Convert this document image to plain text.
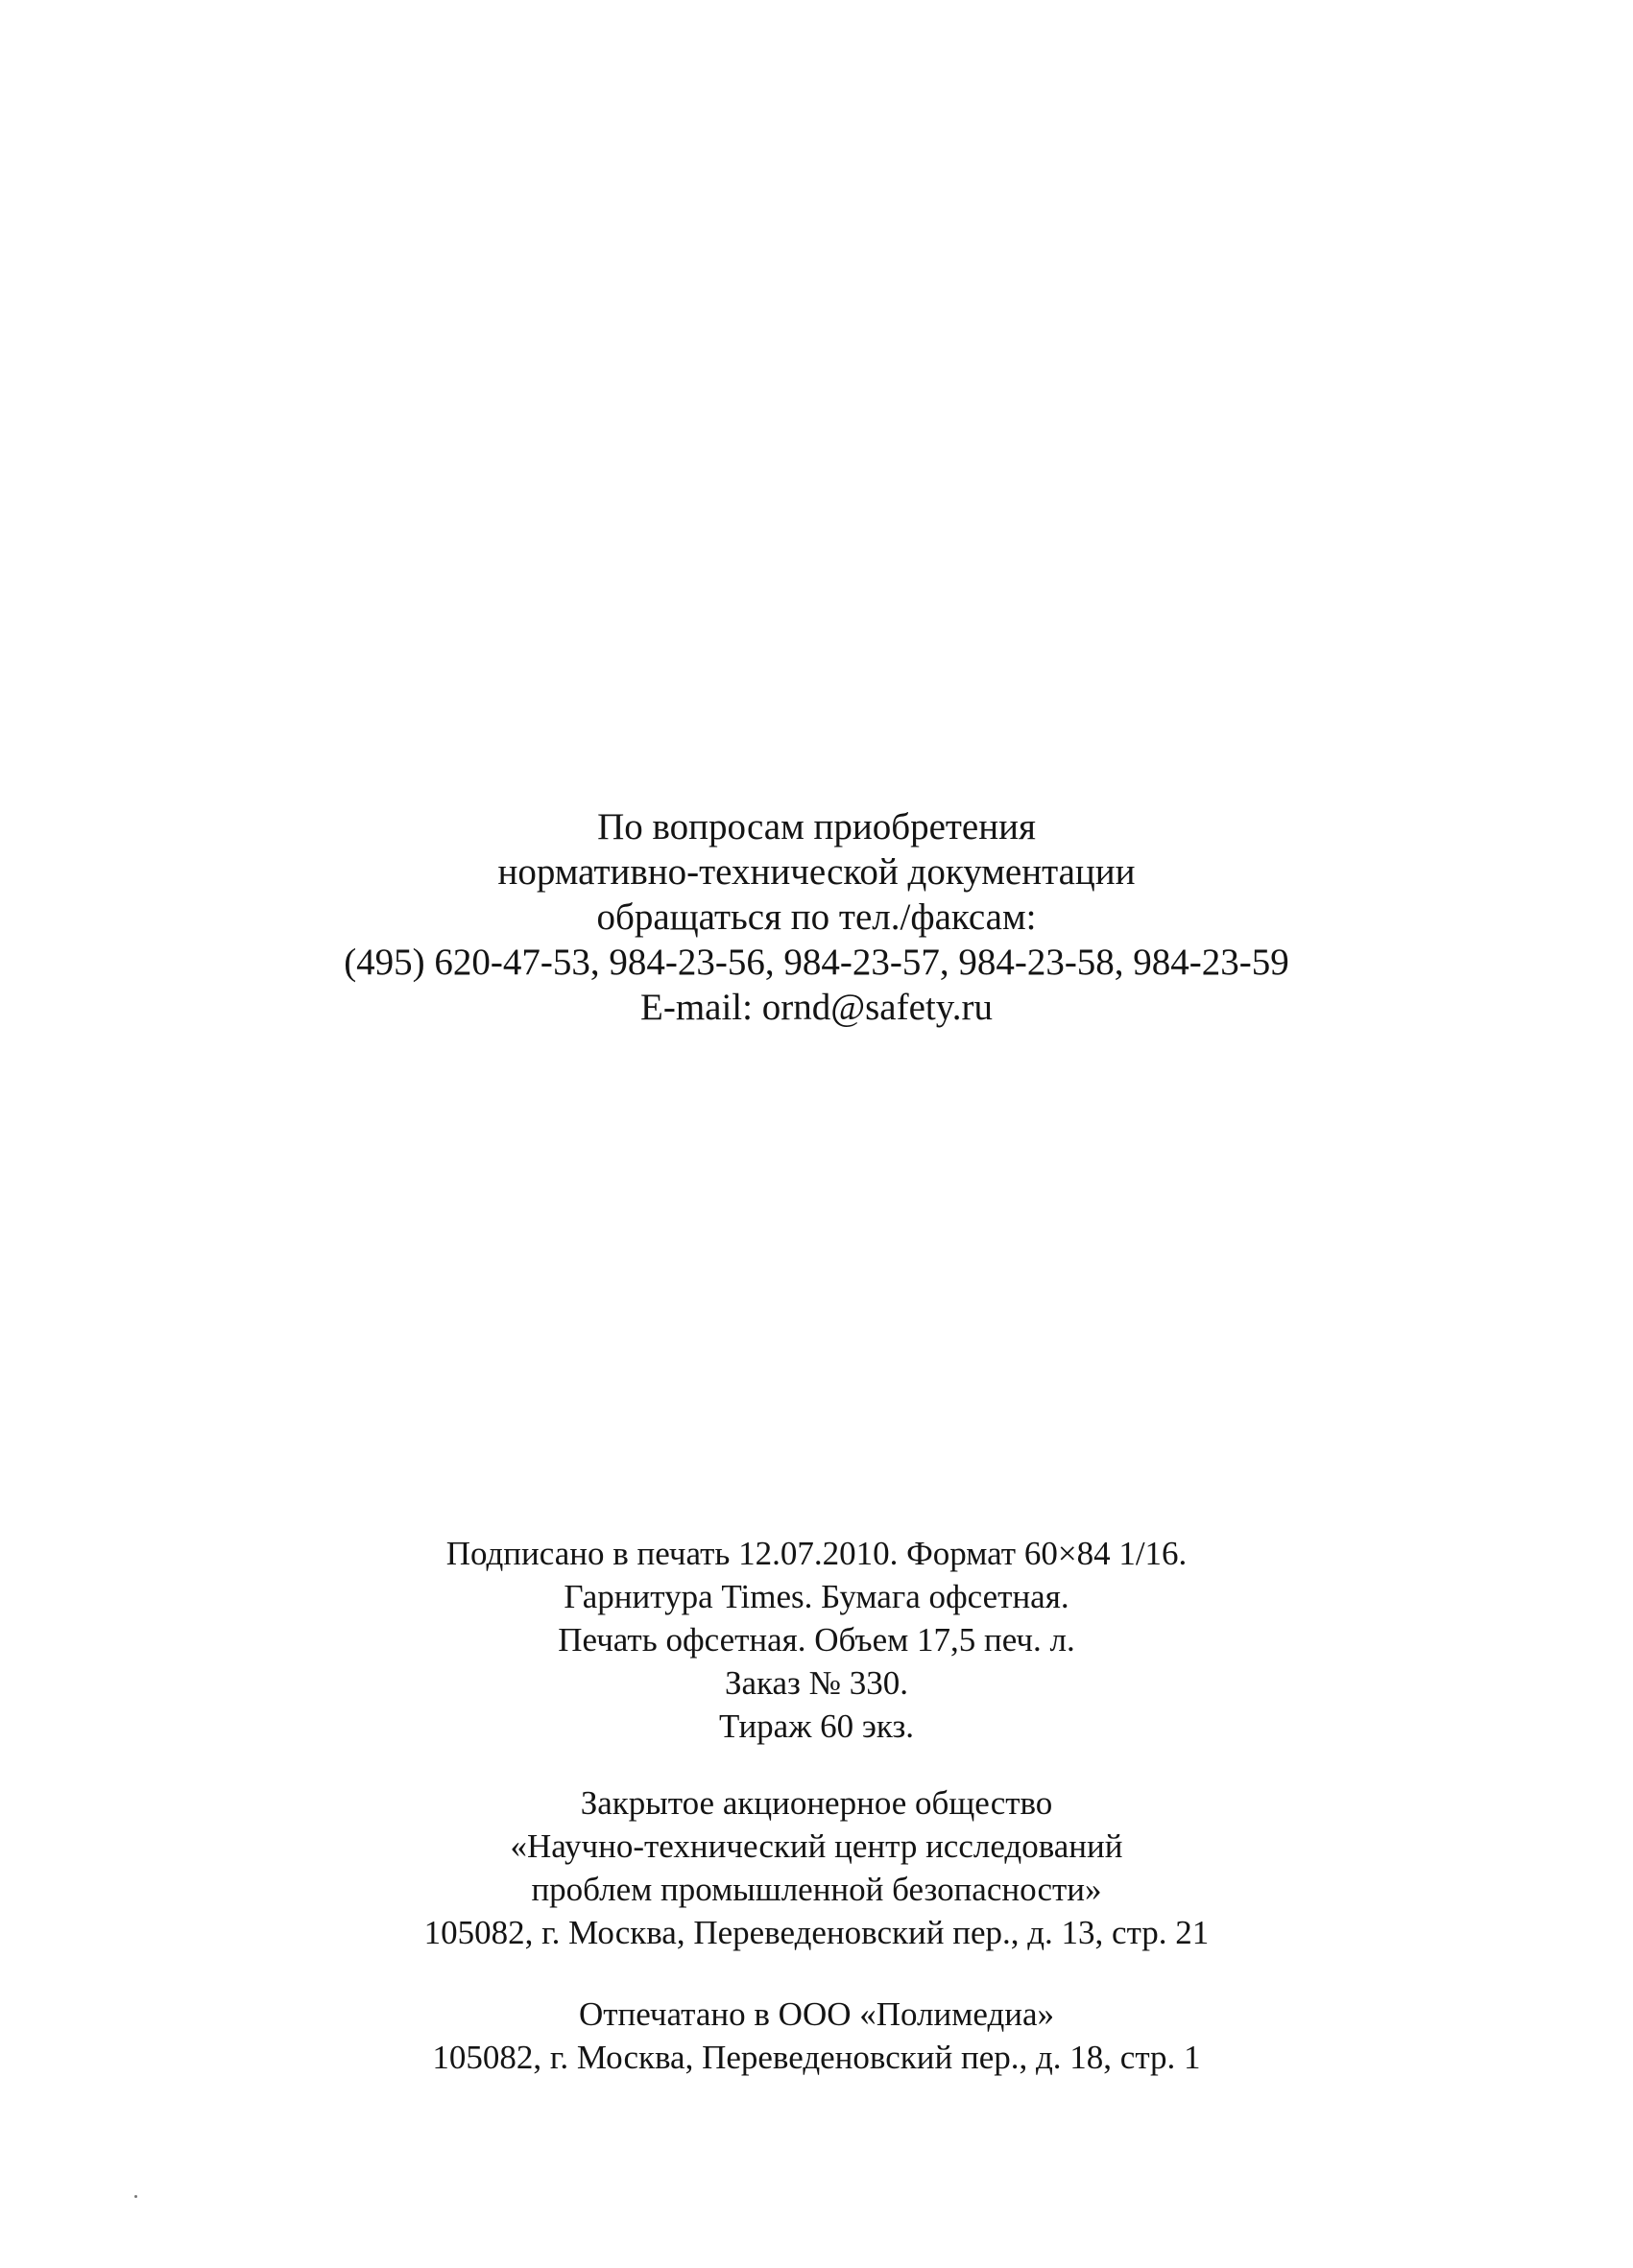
По вопросам приобретения
нормативно-технической документации
обращаться по тел./факсам:
(495) 620-47-53, 984-23-56, 984-23-57, 984-23-58, 984-23-59
E-mail: ornd@safety.ru
Подписано в печать 12.07.2010. Формат 60×84 1/16.
Гарнитура Times. Бумага офсетная.
Печать офсетная. Объем 17,5 печ. л.
Заказ № 330.
Тираж 60 экз.
Закрытое акционерное общество
«Научно-технический центр исследований
проблем промышленной безопасности»
105082, г. Москва, Переведеновский пер., д. 13, стр. 21
Отпечатано в ООО «Полимедиа»
105082, г. Москва, Переведеновский пер., д. 18, стр. 1
